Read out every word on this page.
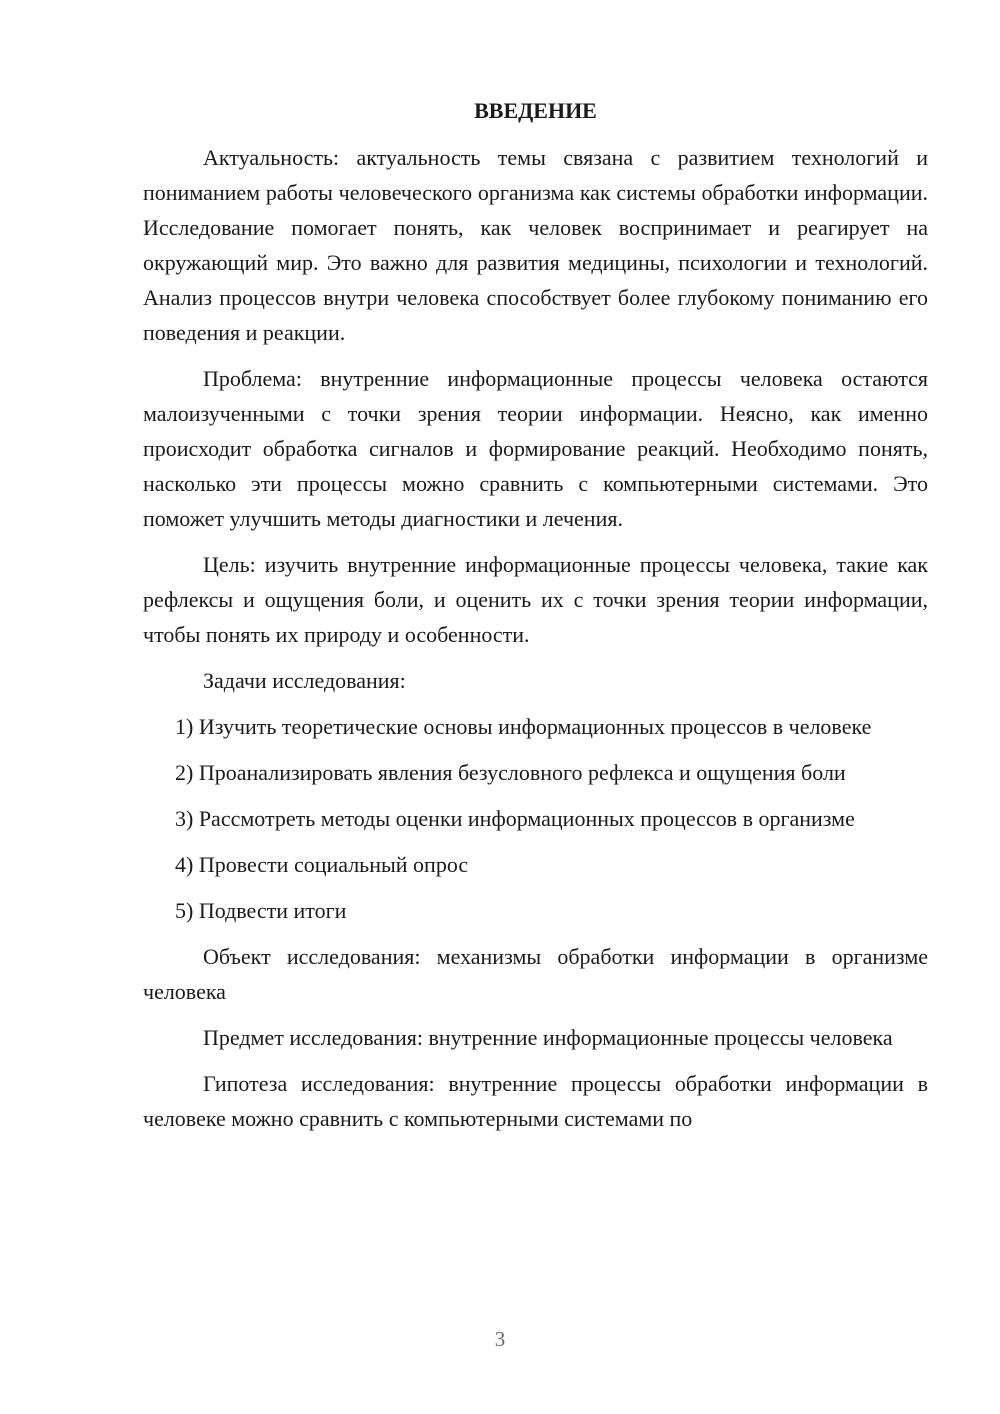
ВВЕДЕНИЕ

Актуальность: актуальность темы связана с развитием технологий и пониманием работы человеческого организма как системы обработки информации. Исследование помогает понять, как человек воспринимает и реагирует на окружающий мир. Это важно для развития медицины, психологии и технологий. Анализ процессов внутри человека способствует более глубокому пониманию его поведения и реакции.

Проблема: внутренние информационные процессы человека остаются малоизученными с точки зрения теории информации. Неясно, как именно происходит обработка сигналов и формирование реакций. Необходимо понять, насколько эти процессы можно сравнить с компьютерными системами. Это поможет улучшить методы диагностики и лечения.

Цель: изучить внутренние информационные процессы человека, такие как рефлексы и ощущения боли, и оценить их с точки зрения теории информации, чтобы понять их природу и особенности.

Задачи исследования:

1) Изучить теоретические основы информационных процессов в человеке

2) Проанализировать явления безусловного рефлекса и ощущения боли

3) Рассмотреть методы оценки информационных процессов в организме

4) Провести социальный опрос

5) Подвести итоги

Объект исследования: механизмы обработки информации в организме человека

Предмет исследования: внутренние информационные процессы человека

Гипотеза исследования: внутренние процессы обработки информации в человеке можно сравнить с компьютерными системами по

3
